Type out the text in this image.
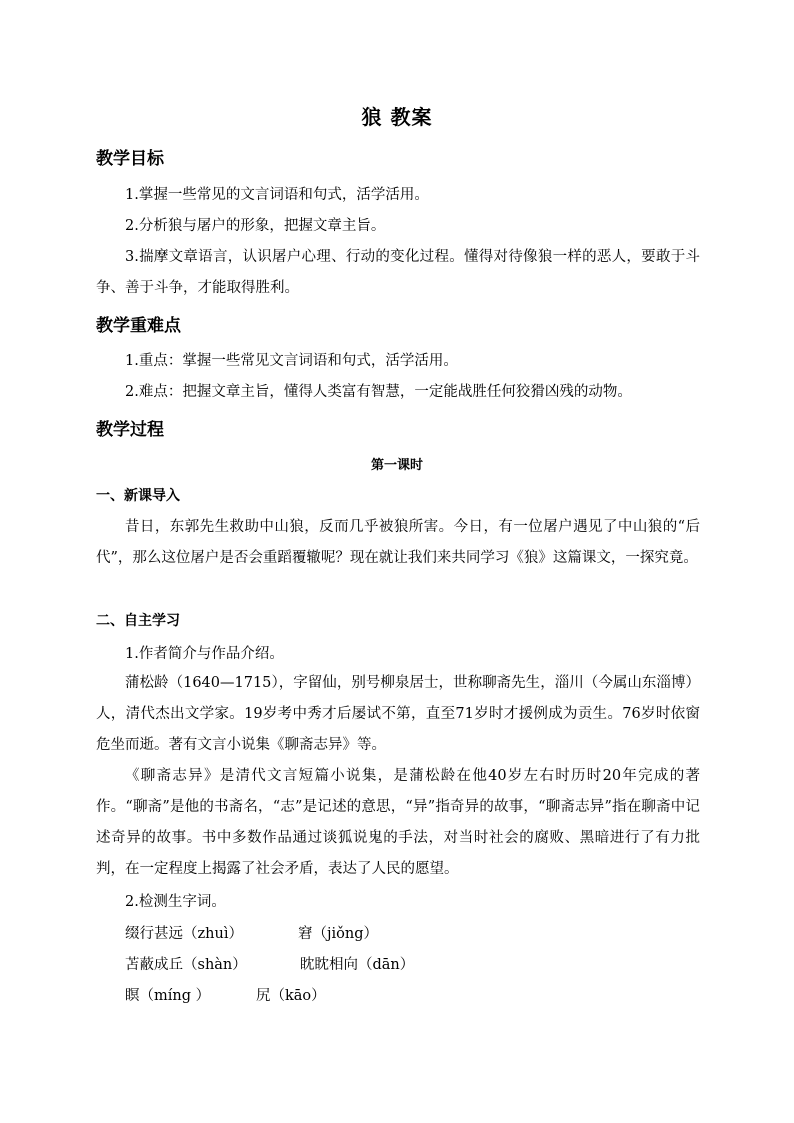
狼 教案
教学目标

1.掌握一些常见的文言词语和句式，活学活用。

2.分析狼与屠户的形象，把握文章主旨。

3.揣摩文章语言，认识屠户心理、行动的变化过程。懂得对待像狼一样的恶人，要敢于斗争、善于斗争，才能取得胜利。

教学重难点

1.重点：掌握一些常见文言词语和句式，活学活用。

2.难点：把握文章主旨，懂得人类富有智慧，一定能战胜任何狡猾凶残的动物。

教学过程
第一课时
一、新课导入

昔日，东郭先生救助中山狼，反而几乎被狼所害。今日，有一位屠户遇见了中山狼的“后代”，那么这位屠户是否会重蹈覆辙呢？现在就让我们来共同学习《狼》这篇课文，一探究竟。

二、自主学习
1.作者简介与作品介绍。

蒲松龄（1640—1715），字留仙，别号柳泉居士，世称聊斋先生，淄川（今属山东淄博）人，清代杰出文学家。19岁考中秀才后屡试不第，直至71岁时才援例成为贡生。76岁时依窗危坐而逝。著有文言小说集《聊斋志异》等。

《聊斋志异》是清代文言短篇小说集，是蒲松龄在他40岁左右时历时20年完成的著作。“聊斋”是他的书斋名，“志”是记述的意思，“异”指奇异的故事，“聊斋志异”指在聊斋中记述奇异的故事。书中多数作品通过谈狐说鬼的手法，对当时社会的腐败、黑暗进行了有力批判，在一定程度上揭露了社会矛盾，表达了人民的愿望。

2.检测生字词。
缀行甚远（zhuì）	窘（jiǒng）
苫蔽成丘（shàn）	眈眈相向（dān）
瞑（míng ）	尻（kāo）
